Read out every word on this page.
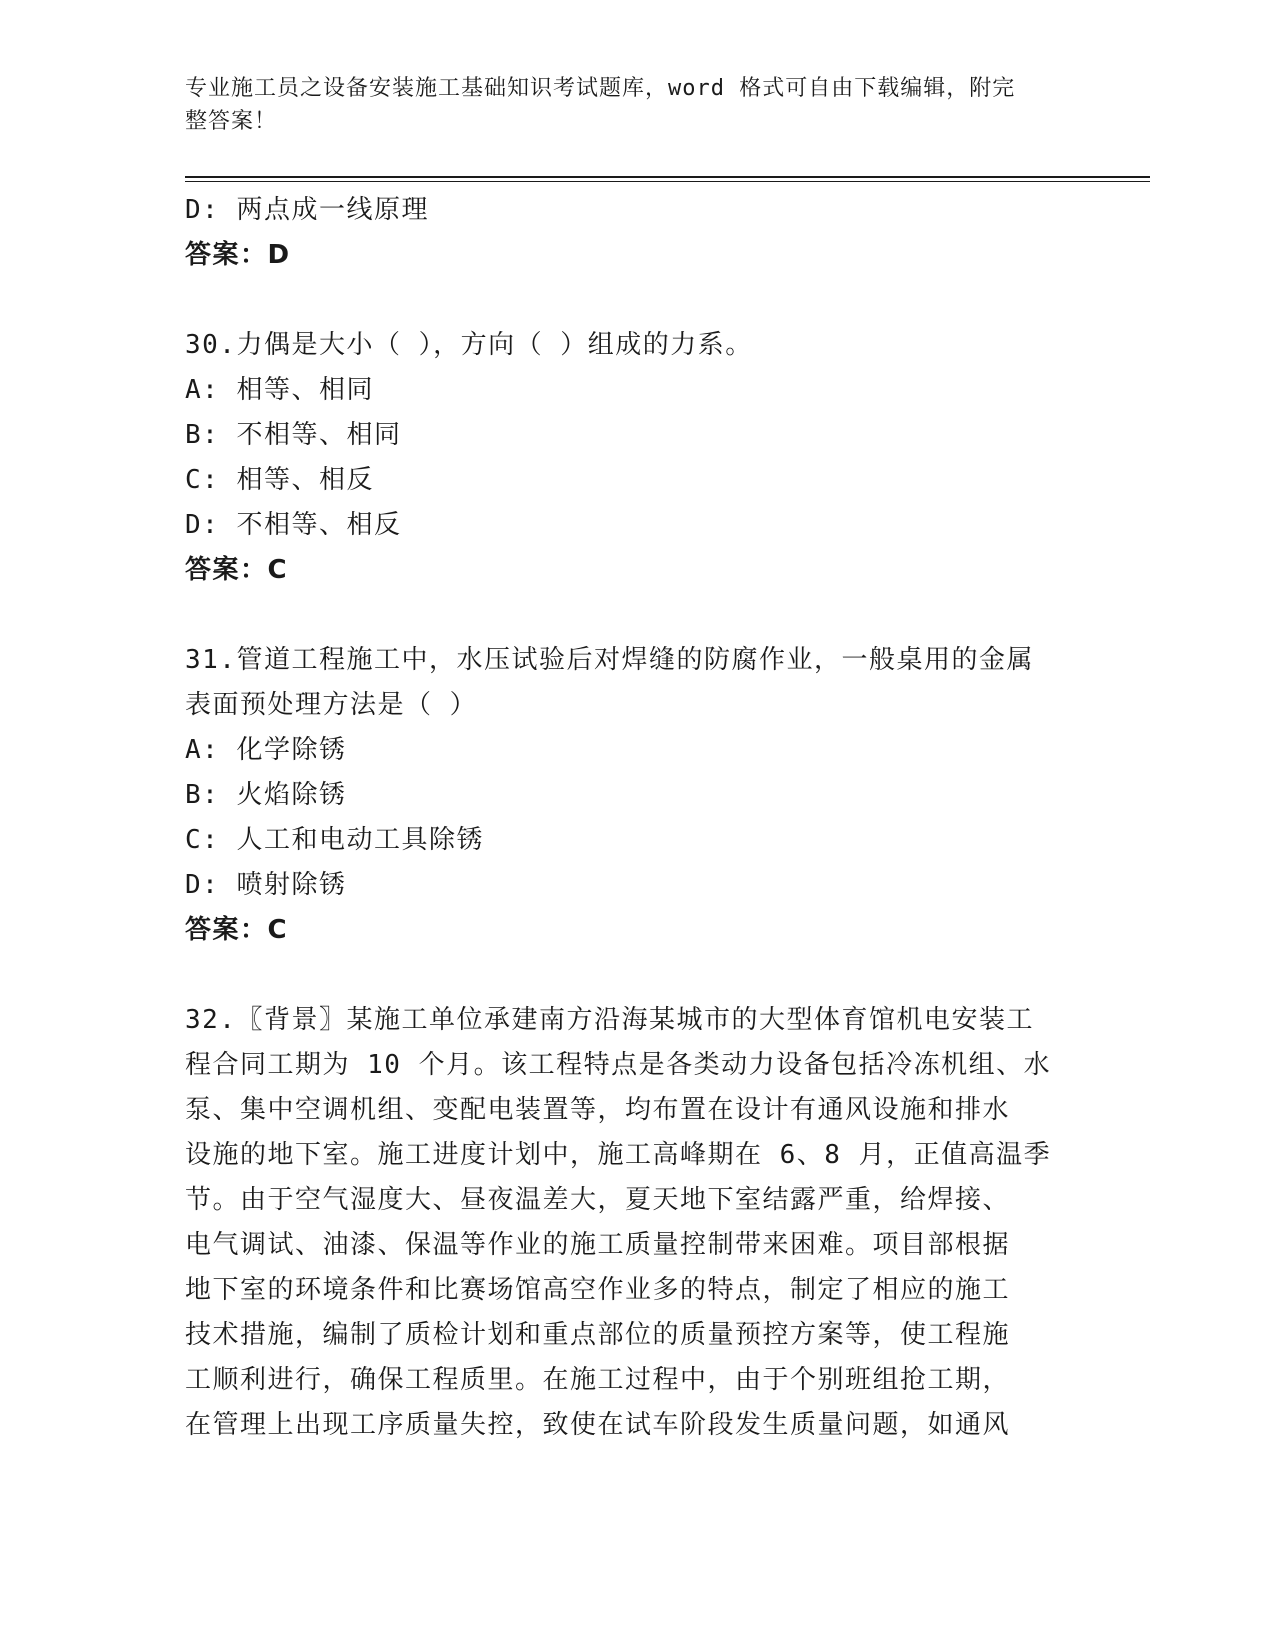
专业施工员之设备安装施工基础知识考试题库，word 格式可自由下载编辑，附完
整答案！
D: 两点成一线原理
答案：D
30.力偶是大小（ ），方向（ ）组成的力系。
A: 相等、相同
B: 不相等、相同
C: 相等、相反
D: 不相等、相反
答案：C
31.管道工程施工中，水压试验后对焊缝的防腐作业，一般桌用的金属
表面预处理方法是（ ）
A: 化学除锈
B: 火焰除锈
C: 人工和电动工具除锈
D: 喷射除锈
答案：C
32.〖背景〗某施工单位承建南方沿海某城市的大型体育馆机电安装工
程合同工期为 10 个月。该工程特点是各类动力设备包括冷冻机组、水
泵、集中空调机组、变配电装置等，均布置在设计有通风设施和排水
设施的地下室。施工进度计划中，施工高峰期在 6、8 月，正值高温季
节。由于空气湿度大、昼夜温差大，夏天地下室结露严重，给焊接、
电气调试、油漆、保温等作业的施工质量控制带来困难。项目部根据
地下室的环境条件和比赛场馆高空作业多的特点，制定了相应的施工
技术措施，编制了质检计划和重点部位的质量预控方案等，使工程施
工顺利进行，确保工程质里。在施工过程中，由于个别班组抢工期，
在管理上出现工序质量失控，致使在试车阶段发生质量问题，如通风
